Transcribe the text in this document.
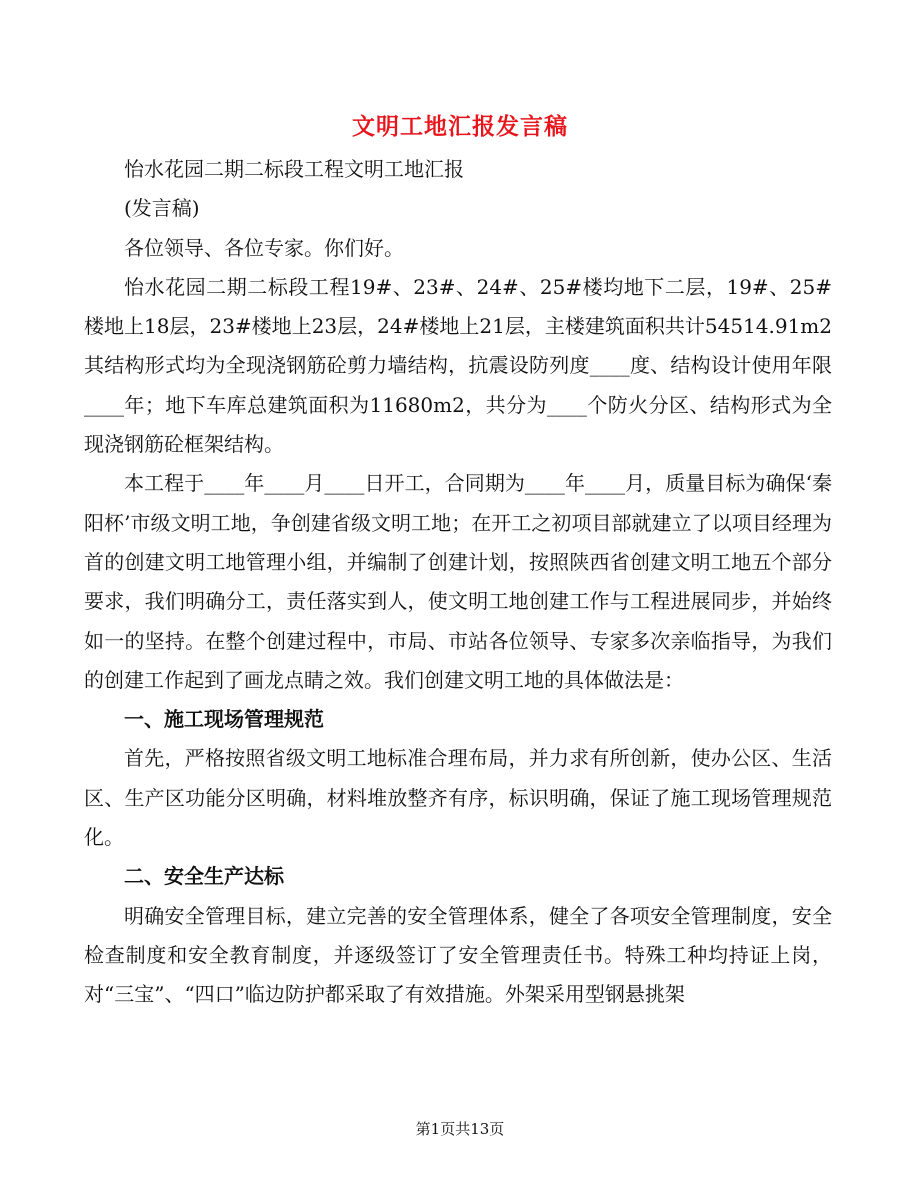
文明工地汇报发言稿

怡水花园二期二标段工程文明工地汇报

(发言稿)

各位领导、各位专家。你们好。

怡水花园二期二标段工程19#、23#、24#、25#楼均地下二层，19#、25#楼地上18层，23#楼地上23层，24#楼地上21层，主楼建筑面积共计54514.91m2其结构形式均为全现浇钢筋砼剪力墙结构，抗震设防列度____度、结构设计使用年限____年；地下车库总建筑面积为11680m2，共分为____个防火分区、结构形式为全现浇钢筋砼框架结构。

本工程于____年____月____日开工，合同期为____年____月，质量目标为确保‘秦阳杯’市级文明工地，争创建省级文明工地；在开工之初项目部就建立了以项目经理为首的创建文明工地管理小组，并编制了创建计划，按照陕西省创建文明工地五个部分要求，我们明确分工，责任落实到人，使文明工地创建工作与工程进展同步，并始终如一的坚持。在整个创建过程中，市局、市站各位领导、专家多次亲临指导，为我们的创建工作起到了画龙点睛之效。我们创建文明工地的具体做法是：

一、施工现场管理规范

首先，严格按照省级文明工地标准合理布局，并力求有所创新，使办公区、生活区、生产区功能分区明确，材料堆放整齐有序，标识明确，保证了施工现场管理规范化。

二、安全生产达标

明确安全管理目标，建立完善的安全管理体系，健全了各项安全管理制度，安全检查制度和安全教育制度，并逐级签订了安全管理责任书。特殊工种均持证上岗，对“三宝”、“四口”临边防护都采取了有效措施。外架采用型钢悬挑架

第1页共13页
